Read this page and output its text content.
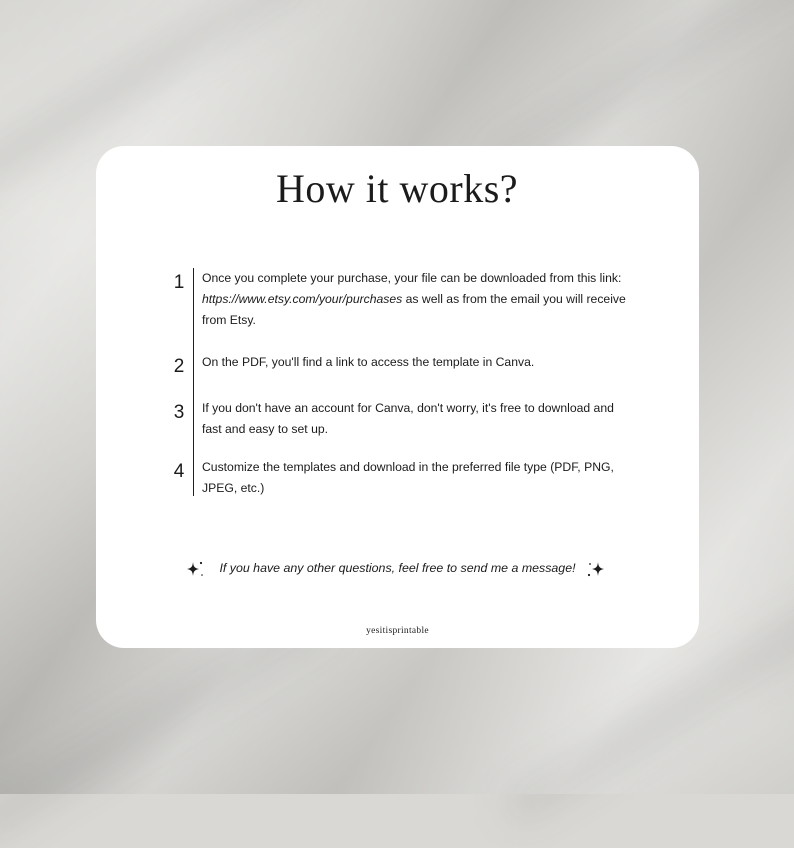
How it works?
1	Once you complete your purchase, your file can be downloaded from this link: https://www.etsy.com/your/purchases as well as from the email you will receive from Etsy.
2	On the PDF, you'll find a link to access the template in Canva.
3	If you don't have an account for Canva, don't worry, it's free to download and fast and easy to set up.
4	Customize the templates and download in the preferred file type (PDF, PNG, JPEG, etc.)
If you have any other questions, feel free to send me a message!
yesitisprintable
